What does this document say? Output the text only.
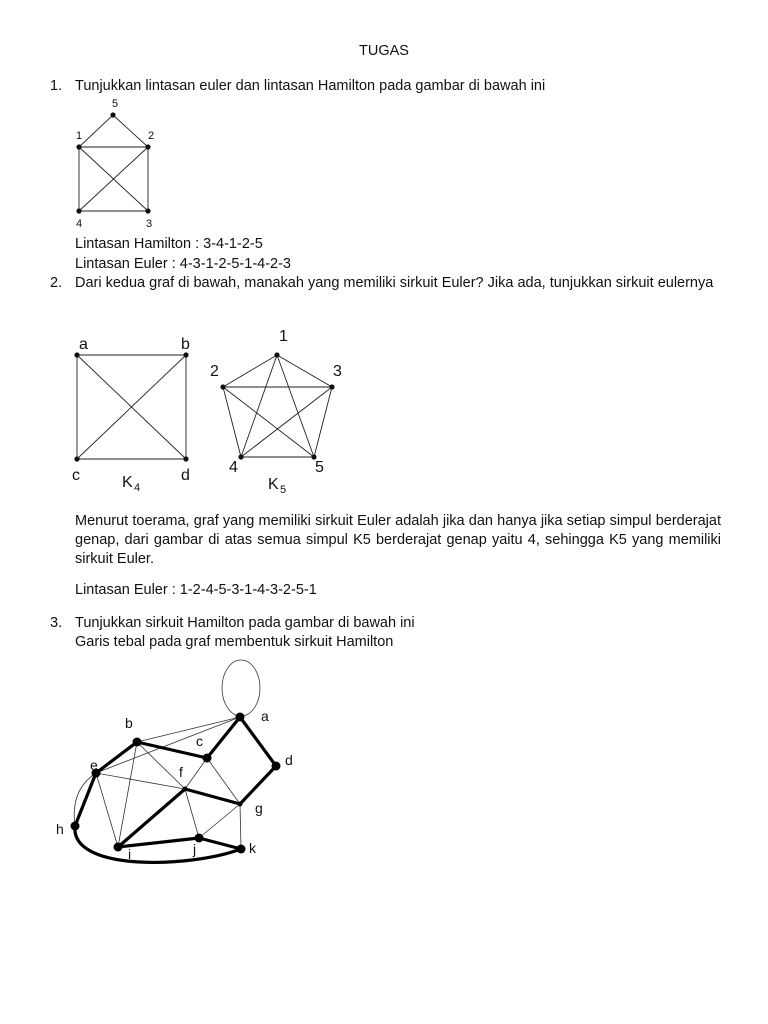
TUGAS
1. Tunjukkan lintasan euler dan lintasan Hamilton pada gambar di bawah ini
5
1	2
4	3
Lintasan Hamilton : 3-4-1-2-5
Lintasan Euler : 4-3-1-2-5-1-4-2-3
2. Dari kedua graf di bawah, manakah yang memiliki sirkuit Euler? Jika ada, tunjukkan sirkuit eulernya
a	b
c	d
K 4
1
2	3
4	5
K 5
Menurut toerama, graf yang memiliki sirkuit Euler adalah jika dan hanya jika setiap simpul berderajat genap, dari gambar di atas semua simpul K5 berderajat genap yaitu 4, sehingga K5 yang memiliki sirkuit Euler.
Lintasan Euler : 1-2-4-5-3-1-4-3-2-5-1
3. Tunjukkan sirkuit Hamilton pada gambar di bawah ini
Garis tebal pada graf membentuk sirkuit Hamilton
a
b
c
d
e	f
g
h
i	j	k
